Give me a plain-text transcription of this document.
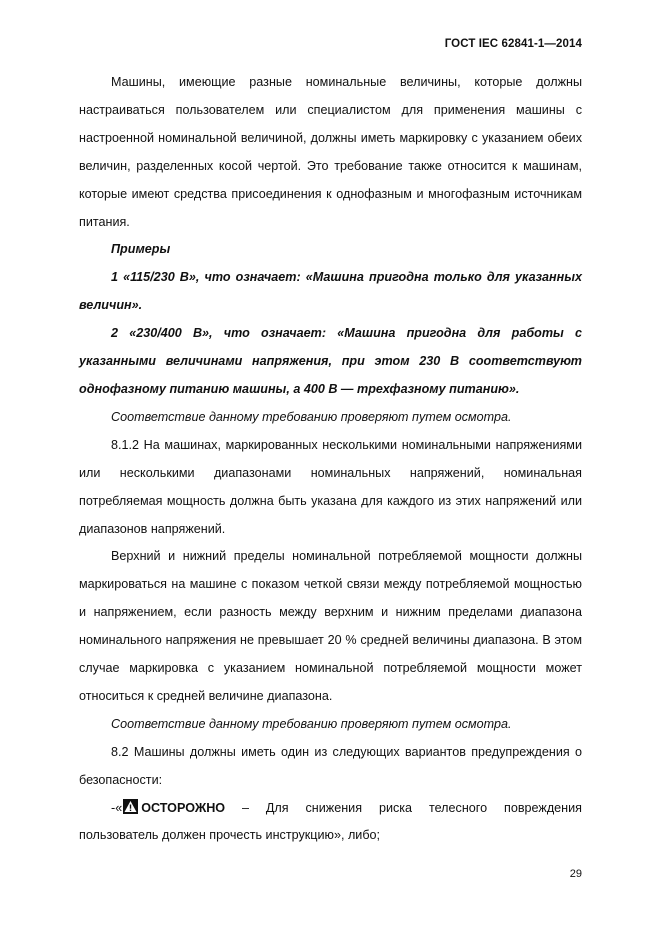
ГОСТ IEC 62841-1—2014

Машины, имеющие разные номинальные величины, которые должны настраиваться пользователем или специалистом для применения машины с настроенной номинальной величиной, должны иметь маркировку с указанием обеих величин, разделенных косой чертой. Это требование также относится к машинам, которые имеют средства присоединения к однофазным и многофазным источникам питания.

Примеры

1 «115/230 В», что означает: «Машина пригодна только для указанных величин».

2 «230/400 В», что означает: «Машина пригодна для работы с указанными величинами напряжения, при этом 230 В соответствуют однофазному питанию машины, а 400 В — трехфазному питанию».

Соответствие данному требованию проверяют путем осмотра.

8.1.2 На машинах, маркированных несколькими номинальными напряжениями или несколькими диапазонами номинальных напряжений, номинальная потребляемая мощность должна быть указана для каждого из этих напряжений или диапазонов напряжений.

Верхний и нижний пределы номинальной потребляемой мощности должны маркироваться на машине с показом четкой связи между потребляемой мощностью и напряжением, если разность между верхним и нижним пределами диапазона номинального напряжения не превышает 20 % средней величины диапазона. В этом случае маркировка с указанием номинальной потребляемой мощности может относиться к средней величине диапазона.

Соответствие данному требованию проверяют путем осмотра.

8.2 Машины должны иметь один из следующих вариантов предупреждения о безопасности:

-« ОСТОРОЖНО – Для снижения риска телесного повреждения пользователь должен прочесть инструкцию», либо;

29
